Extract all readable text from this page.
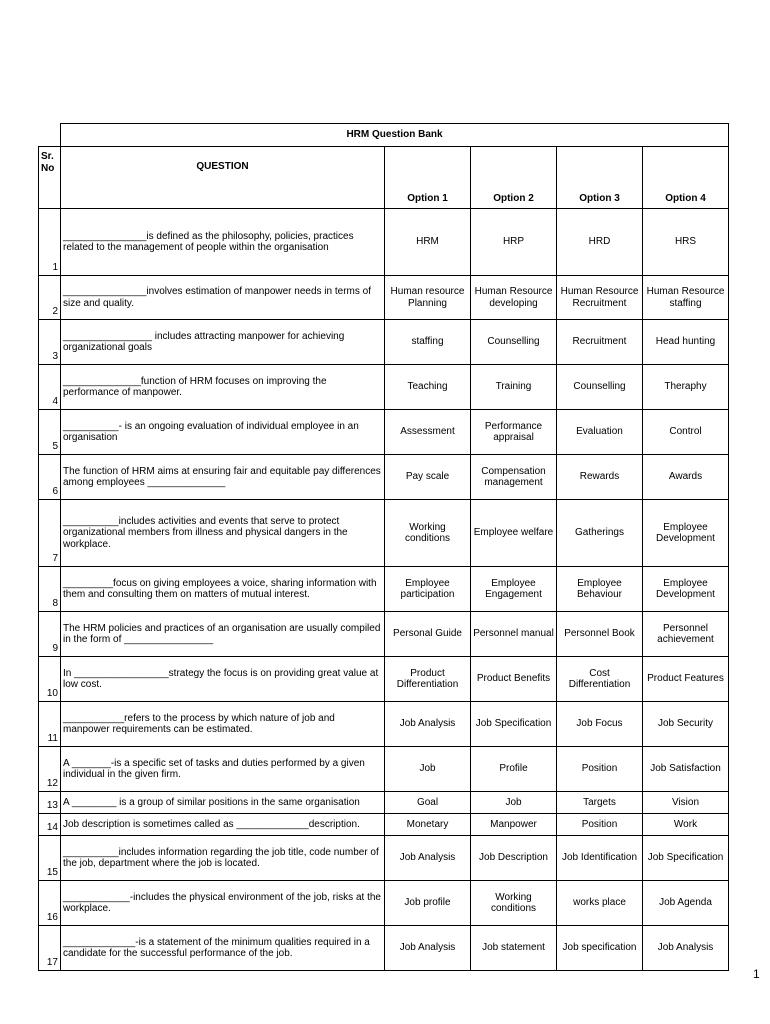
	HRM Question Bank				
Sr. No	QUESTION	Option 1	Option 2	Option 3	Option 4
1	_______________is defined as the philosophy, policies, practices related to the management of people within the organisation	HRM	HRP	HRD	HRS
2	_______________involves estimation of manpower needs in terms of size and quality.	Human resource Planning	Human Resource developing	Human Resource Recruitment	Human Resource staffing
3	________________ includes attracting manpower for achieving organizational goals	staffing	Counselling	Recruitment	Head hunting
4	______________function of HRM focuses on improving the performance of manpower.	Teaching	Training	Counselling	Theraphy
5	__________- is an ongoing evaluation of individual employee in an organisation	Assessment	Performance appraisal	Evaluation	Control
6	The function of HRM aims at ensuring fair and equitable pay differences among employees ______________	Pay scale	Compensation management	Rewards	Awards
7	__________includes activities and events that serve to protect organizational members from illness and physical dangers in the workplace.	Working conditions	Employee welfare	Gatherings	Employee Development
8	_________focus on giving employees a voice, sharing information with them and consulting them on matters of mutual interest.	Employee participation	Employee Engagement	Employee Behaviour	Employee Development
9	The HRM policies and practices of an organisation are usually compiled in the form of ________________	Personal Guide	Personnel manual	Personnel Book	Personnel achievement
10	In _________________strategy the focus is on providing great value at low cost.	Product Differentiation	Product Benefits	Cost Differentiation	Product Features
11	___________refers to the process by which nature of job and manpower requirements can be estimated.	Job Analysis	Job Specification	Job Focus	Job Security
12	A _______-is a specific set of tasks and duties performed by a given individual in the given firm.	Job	Profile	Position	Job Satisfaction
13	A ________ is a group of similar positions in the same organisation	Goal	Job	Targets	Vision
14	Job description is sometimes called as _____________description.	Monetary	Manpower	Position	Work
15	__________includes information regarding the job title, code number of the job, department where the job is located.	Job Analysis	Job Description	Job Identification	Job Specification
16	____________-includes the physical environment of the job, risks at the workplace.	Job profile	Working conditions	works place	Job Agenda
17	_____________-is a statement of the minimum qualities required in a candidate for the successful performance of the job.	Job Analysis	Job statement	Job specification	Job Analysis
1
